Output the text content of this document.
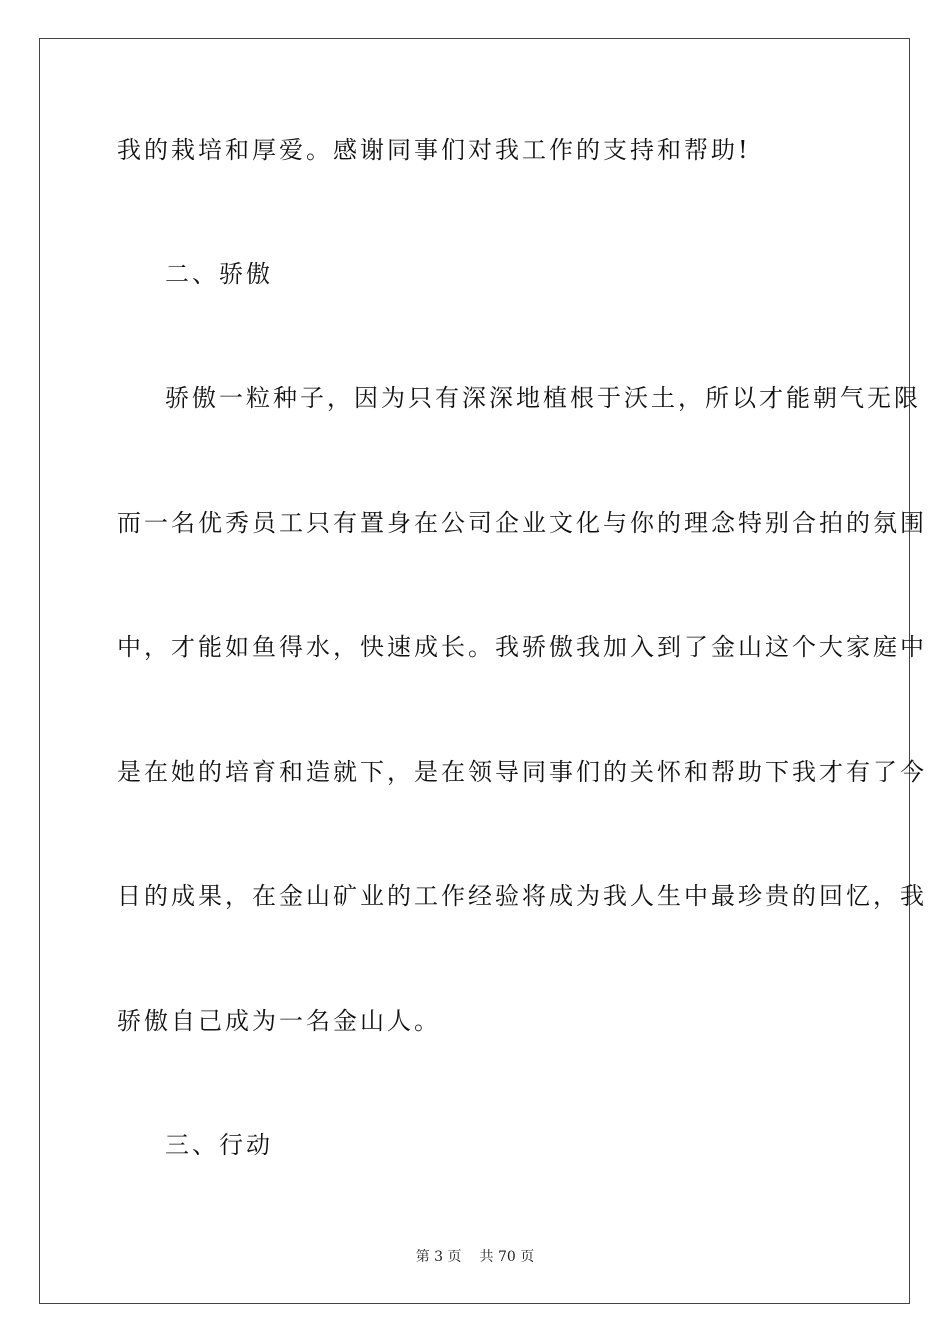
我的栽培和厚爱。感谢同事们对我工作的支持和帮助!
二、骄傲
骄傲一粒种子，因为只有深深地植根于沃土，所以才能朝气无限
而一名优秀员工只有置身在公司企业文化与你的理念特别合拍的氛围
中，才能如鱼得水，快速成长。我骄傲我加入到了金山这个大家庭中
是在她的培育和造就下，是在领导同事们的关怀和帮助下我才有了今
日的成果，在金山矿业的工作经验将成为我人生中最珍贵的回忆，我
骄傲自己成为一名金山人。
三、行动
第 3 页 共 70 页
